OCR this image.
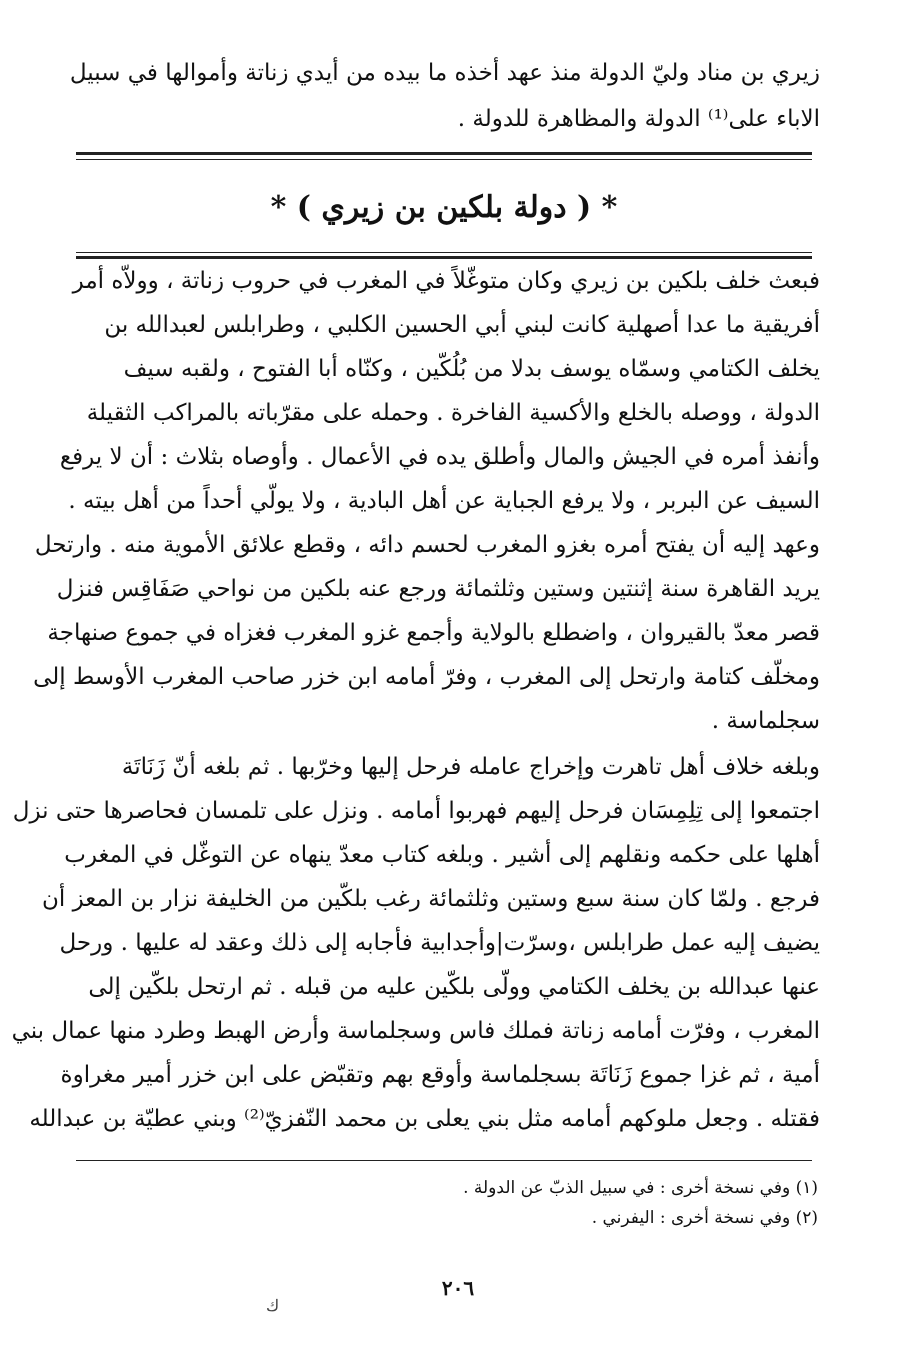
زيري بن مناد وليّ الدولة منذ عهد أخذه ما بيده من أيدي زناتة وأموالها في سبيل
الاباء على⁽¹⁾ الدولة والمظاهرة للدولة .
* ( دولة بلكين بن زيري ) *
فبعث خلف بلكين بن زيري وكان متوغّلاً في المغرب في حروب زناتة ، وولاّه أمر
أفريقية ما عدا أصهلية كانت لبني أبي الحسين الكلبي ، وطرابلس لعبدالله بن
يخلف الكتامي وسمّاه يوسف بدلا من بُلُكّين ، وكنّاه أبا الفتوح ، ولقبه سيف
الدولة ، ووصله بالخلع والأكسية الفاخرة . وحمله على مقرّباته بالمراكب الثقيلة
وأنفذ أمره في الجيش والمال وأطلق يده في الأعمال . وأوصاه بثلاث : أن لا يرفع
السيف عن البربر ، ولا يرفع الجباية عن أهل البادية ، ولا يولّي أحداً من أهل بيته .
وعهد إليه أن يفتح أمره بغزو المغرب لحسم دائه ، وقطع علائق الأموية منه . وارتحل
يريد القاهرة سنة إثنتين وستين وثلثمائة ورجع عنه بلكين من نواحي صَفَاقِس فنزل
قصر معدّ بالقيروان ، واضطلع بالولاية وأجمع غزو المغرب فغزاه في جموع صنهاجة
ومخلّف كتامة وارتحل إلى المغرب ، وفرّ أمامه ابن خزر صاحب المغرب الأوسط إلى
سجلماسة .
وبلغه خلاف أهل تاهرت وإخراج عامله فرحل إليها وخرّبها . ثم بلغه أنّ زَنَاتَة
اجتمعوا إلى تِلِمِسَان فرحل إليهم فهربوا أمامه . ونزل على تلمسان فحاصرها حتى نزل
أهلها على حكمه ونقلهم إلى أشير . وبلغه كتاب معدّ ينهاه عن التوغّل في المغرب
فرجع . ولمّا كان سنة سبع وستين وثلثمائة رغب بلكّين من الخليفة نزار بن المعز أن
يضيف إليه عمل طرابلس ،وسرّت|وأجدابية فأجابه إلى ذلك وعقد له عليها . ورحل
عنها عبدالله بن يخلف الكتامي وولّى بلكّين عليه من قبله . ثم ارتحل بلكّين إلى
المغرب ، وفرّت أمامه زناتة فملك فاس وسجلماسة وأرض الهبط وطرد منها عمال بني
أمية ، ثم غزا جموع زَنَاتَة بسجلماسة وأوقع بهم وتقبّض على ابن خزر أمير مغراوة
فقتله . وجعل ملوكهم أمامه مثل بني يعلى بن محمد النّفزيّ⁽²⁾ وبني عطيّة بن عبدالله
(١) وفي نسخة أخرى : في سبيل الذبّ عن الدولة .
(٢) وفي نسخة أخرى : اليفرني .
٢٠٦
ك
